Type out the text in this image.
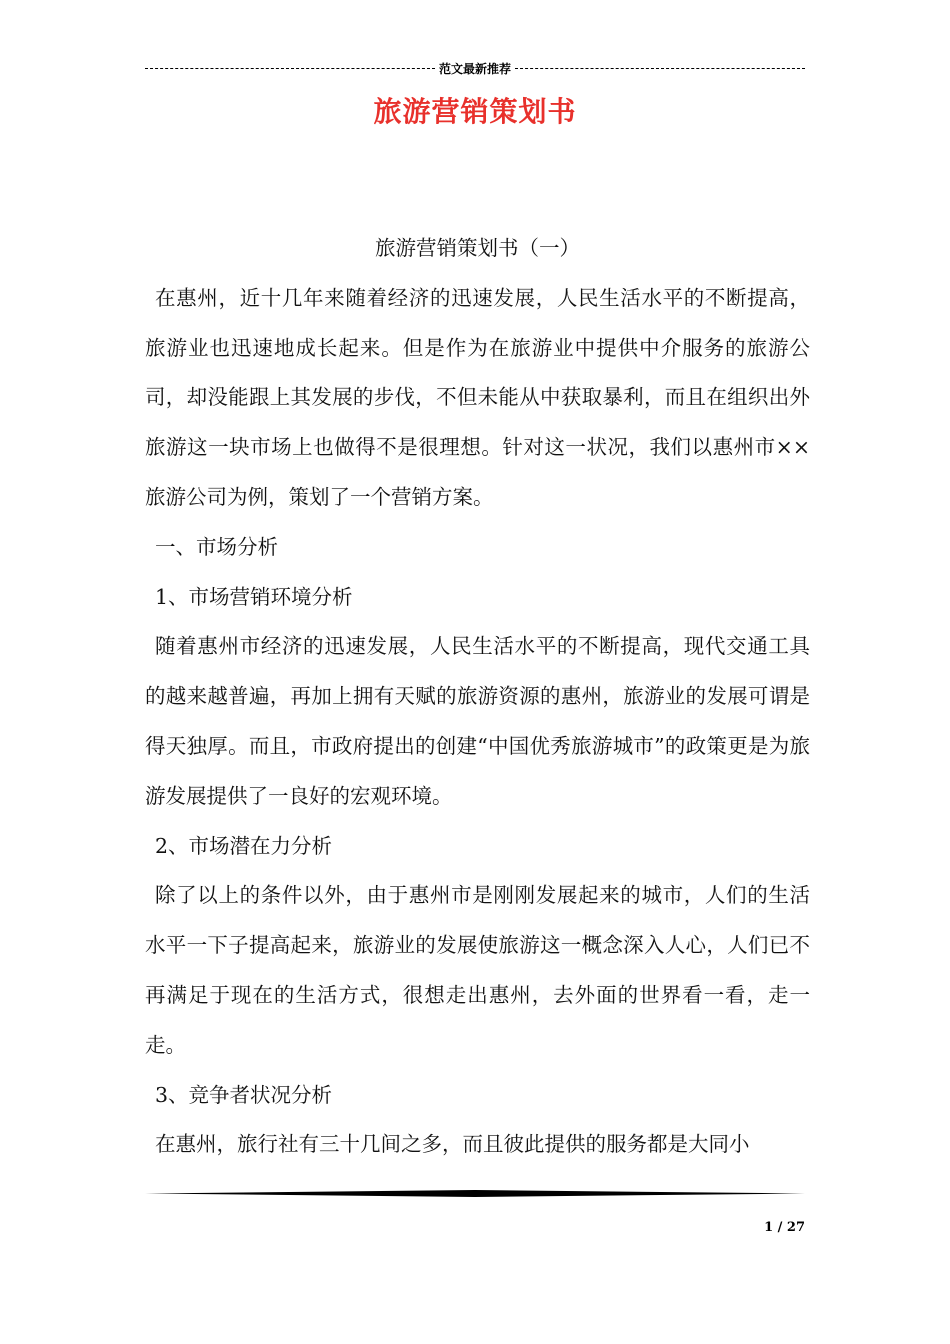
范文最新推荐
旅游营销策划书

旅游营销策划书（一）

在惠州，近十几年来随着经济的迅速发展，人民生活水平的不断提高，旅游业也迅速地成长起来。但是作为在旅游业中提供中介服务的旅游公司，却没能跟上其发展的步伐，不但未能从中获取暴利，而且在组织出外旅游这一块市场上也做得不是很理想。针对这一状况，我们以惠州市××旅游公司为例，策划了一个营销方案。

一、市场分析

1、市场营销环境分析

随着惠州市经济的迅速发展，人民生活水平的不断提高，现代交通工具的越来越普遍，再加上拥有天赋的旅游资源的惠州，旅游业的发展可谓是得天独厚。而且，市政府提出的创建“中国优秀旅游城市”的政策更是为旅游发展提供了一良好的宏观环境。

2、市场潜在力分析

除了以上的条件以外，由于惠州市是刚刚发展起来的城市，人们的生活水平一下子提高起来，旅游业的发展使旅游这一概念深入人心，人们已不再满足于现在的生活方式，很想走出惠州，去外面的世界看一看，走一走。

3、竞争者状况分析

在惠州，旅行社有三十几间之多，而且彼此提供的服务都是大同小

1 / 27
